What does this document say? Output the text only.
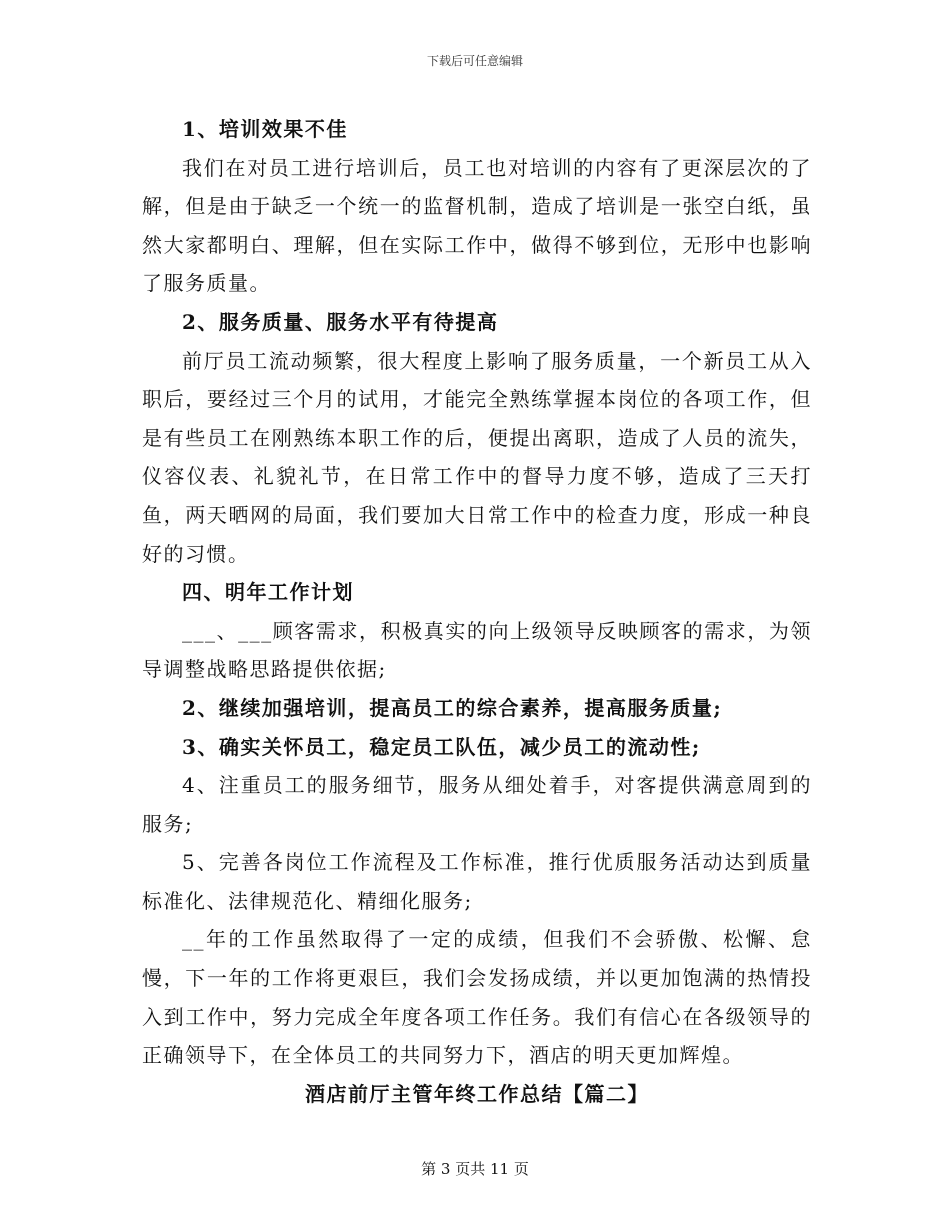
下载后可任意编辑

1、培训效果不佳

我们在对员工进行培训后，员工也对培训的内容有了更深层次的了解，但是由于缺乏一个统一的监督机制，造成了培训是一张空白纸，虽然大家都明白、理解，但在实际工作中，做得不够到位，无形中也影响了服务质量。

2、服务质量、服务水平有待提高

前厅员工流动频繁，很大程度上影响了服务质量，一个新员工从入职后，要经过三个月的试用，才能完全熟练掌握本岗位的各项工作，但是有些员工在刚熟练本职工作的后，便提出离职，造成了人员的流失，仪容仪表、礼貌礼节，在日常工作中的督导力度不够，造成了三天打鱼，两天晒网的局面，我们要加大日常工作中的检查力度，形成一种良好的习惯。

四、明年工作计划

___、___顾客需求，积极真实的向上级领导反映顾客的需求，为领导调整战略思路提供依据;

2、继续加强培训，提高员工的综合素养，提高服务质量;

3、确实关怀员工，稳定员工队伍，减少员工的流动性;

4、注重员工的服务细节，服务从细处着手，对客提供满意周到的服务;

5、完善各岗位工作流程及工作标准，推行优质服务活动达到质量标准化、法律规范化、精细化服务;

__年的工作虽然取得了一定的成绩，但我们不会骄傲、松懈、怠慢，下一年的工作将更艰巨，我们会发扬成绩，并以更加饱满的热情投入到工作中，努力完成全年度各项工作任务。我们有信心在各级领导的正确领导下，在全体员工的共同努力下，酒店的明天更加辉煌。

酒店前厅主管年终工作总结【篇二】

第 3 页共 11 页
